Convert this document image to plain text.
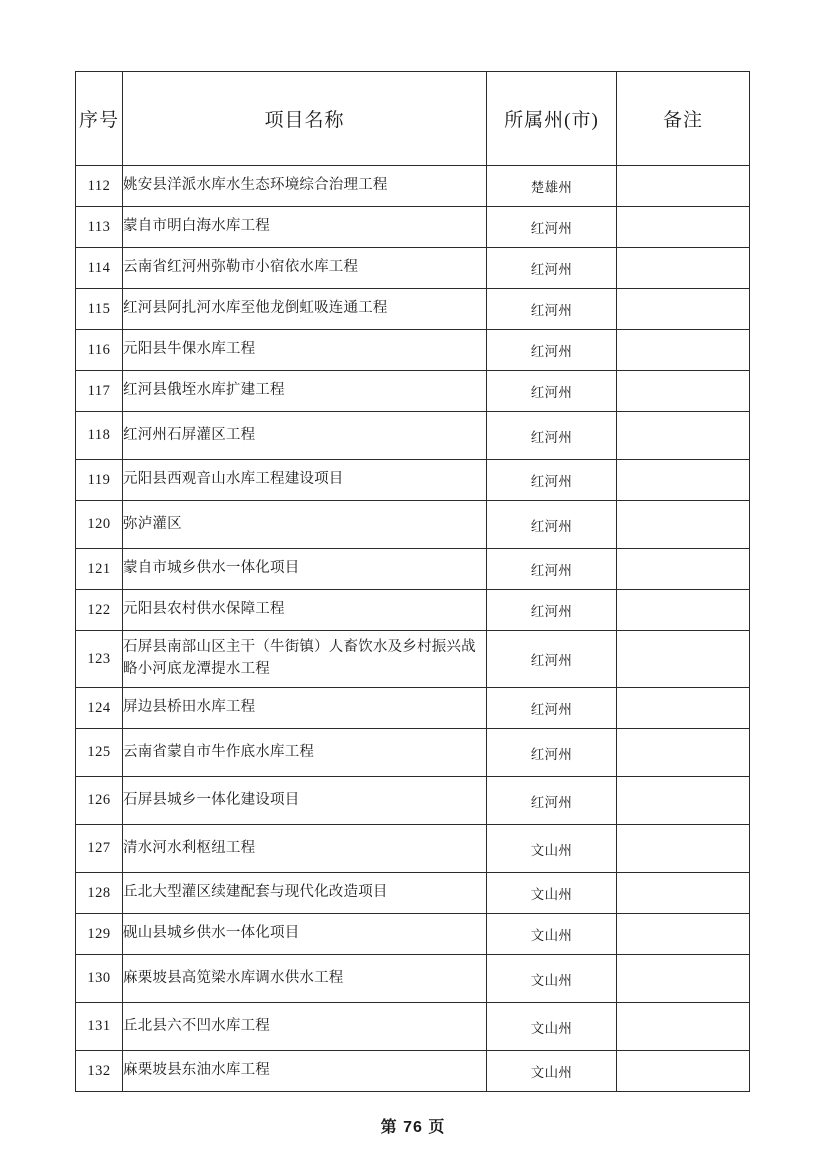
序号	项目名称	所属州(市)	备注
112	姚安县洋派水库水生态环境综合治理工程	楚雄州	
113	蒙自市明白海水库工程	红河州	
114	云南省红河州弥勒市小宿依水库工程	红河州	
115	红河县阿扎河水库至他龙倒虹吸连通工程	红河州	
116	元阳县牛倮水库工程	红河州	
117	红河县俄垤水库扩建工程	红河州	
118	红河州石屏灌区工程	红河州	
119	元阳县西观音山水库工程建设项目	红河州	
120	弥泸灌区	红河州	
121	蒙自市城乡供水一体化项目	红河州	
122	元阳县农村供水保障工程	红河州	
123	石屏县南部山区主干（牛街镇）人畜饮水及乡村振兴战略小河底龙潭提水工程	红河州	
124	屏边县桥田水库工程	红河州	
125	云南省蒙自市牛作底水库工程	红河州	
126	石屏县城乡一体化建设项目	红河州	
127	清水河水利枢纽工程	文山州	
128	丘北大型灌区续建配套与现代化改造项目	文山州	
129	砚山县城乡供水一体化项目	文山州	
130	麻栗坡县高笕梁水库调水供水工程	文山州	
131	丘北县六不凹水库工程	文山州	
132	麻栗坡县东油水库工程	文山州	
第 76 页
